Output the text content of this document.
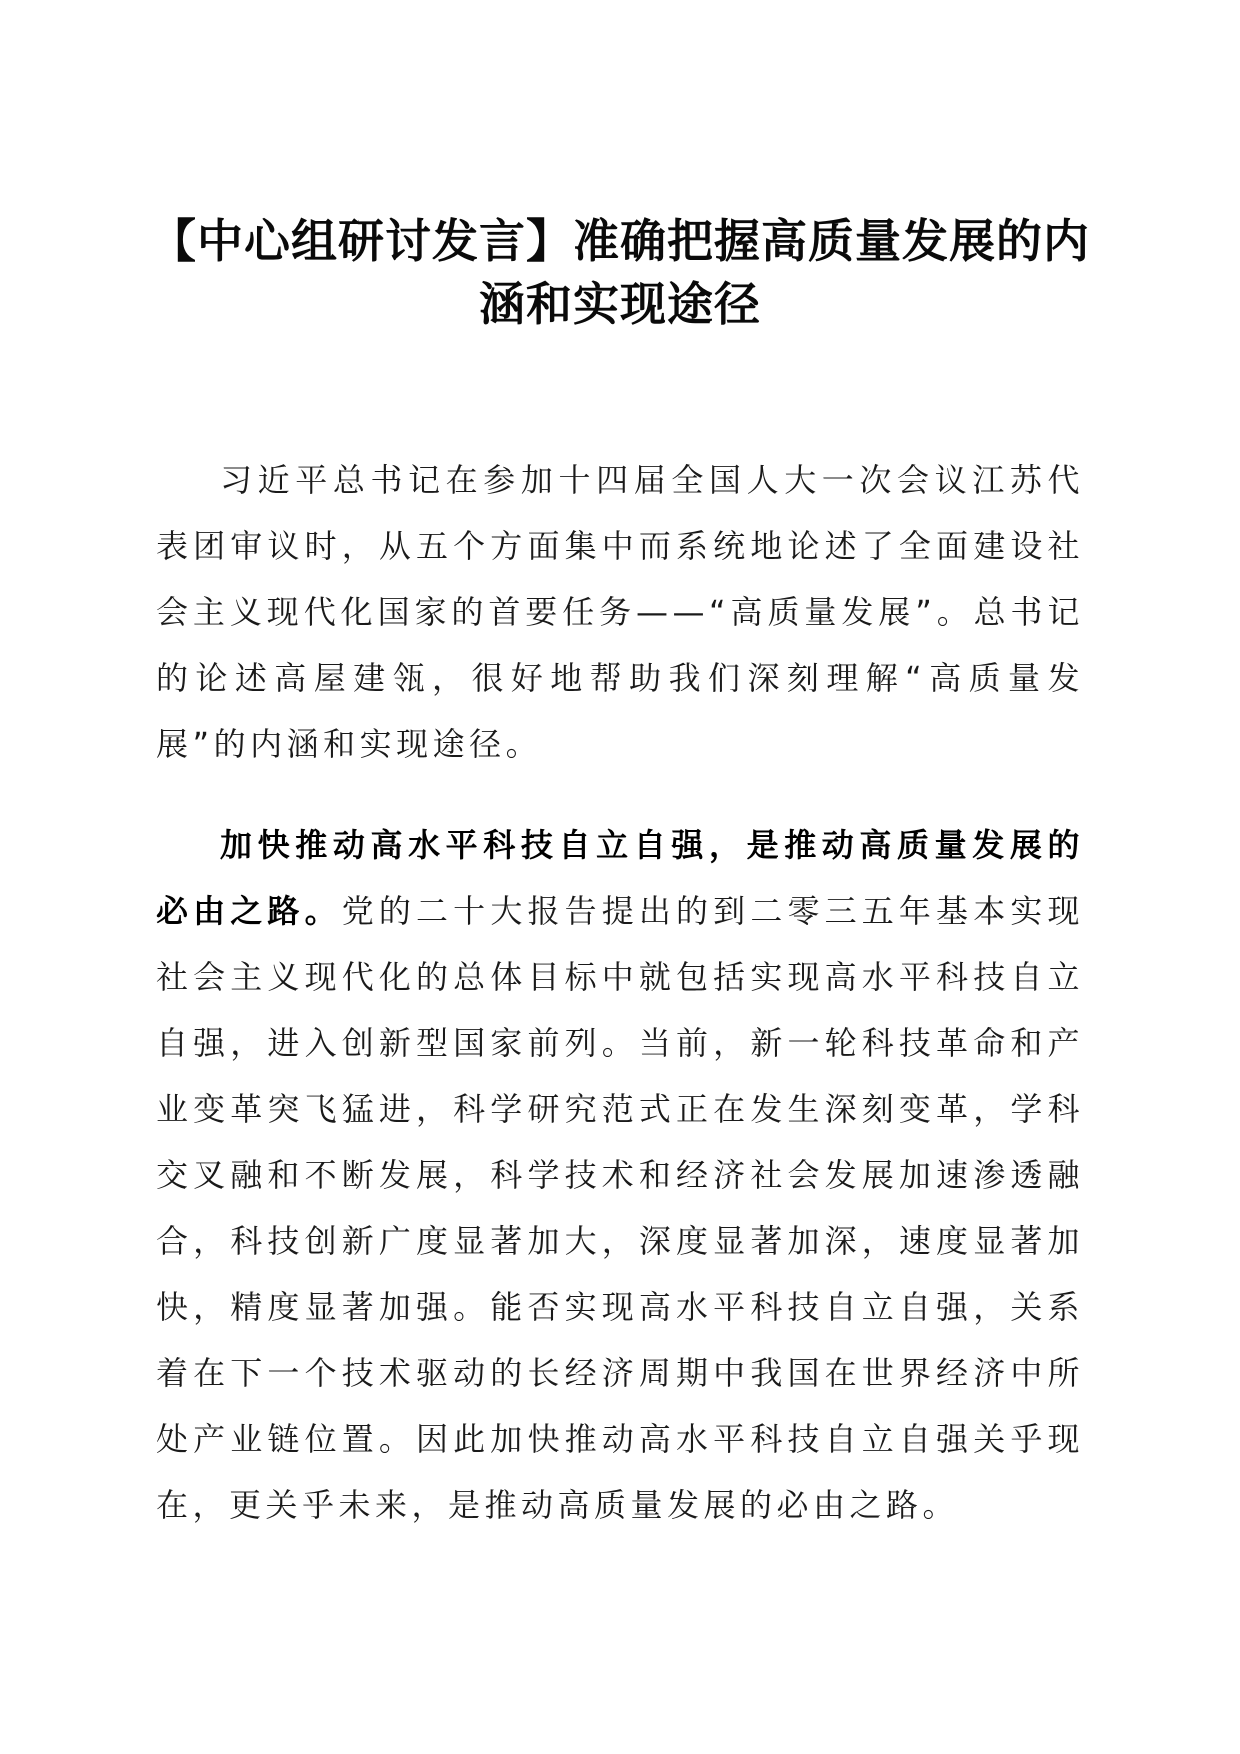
【中心组研讨发言】准确把握高质量发展的内涵和实现途径

习近平总书记在参加十四届全国人大一次会议江苏代表团审议时，从五个方面集中而系统地论述了全面建设社会主义现代化国家的首要任务——“高质量发展”。总书记的论述高屋建瓴，很好地帮助我们深刻理解“高质量发展”的内涵和实现途径。

加快推动高水平科技自立自强，是推动高质量发展的必由之路。党的二十大报告提出的到二零三五年基本实现社会主义现代化的总体目标中就包括实现高水平科技自立自强，进入创新型国家前列。当前，新一轮科技革命和产业变革突飞猛进，科学研究范式正在发生深刻变革，学科交叉融和不断发展，科学技术和经济社会发展加速渗透融合，科技创新广度显著加大，深度显著加深，速度显著加快，精度显著加强。能否实现高水平科技自立自强，关系着在下一个技术驱动的长经济周期中我国在世界经济中所处产业链位置。因此加快推动高水平科技自立自强关乎现在，更关乎未来，是推动高质量发展的必由之路。
